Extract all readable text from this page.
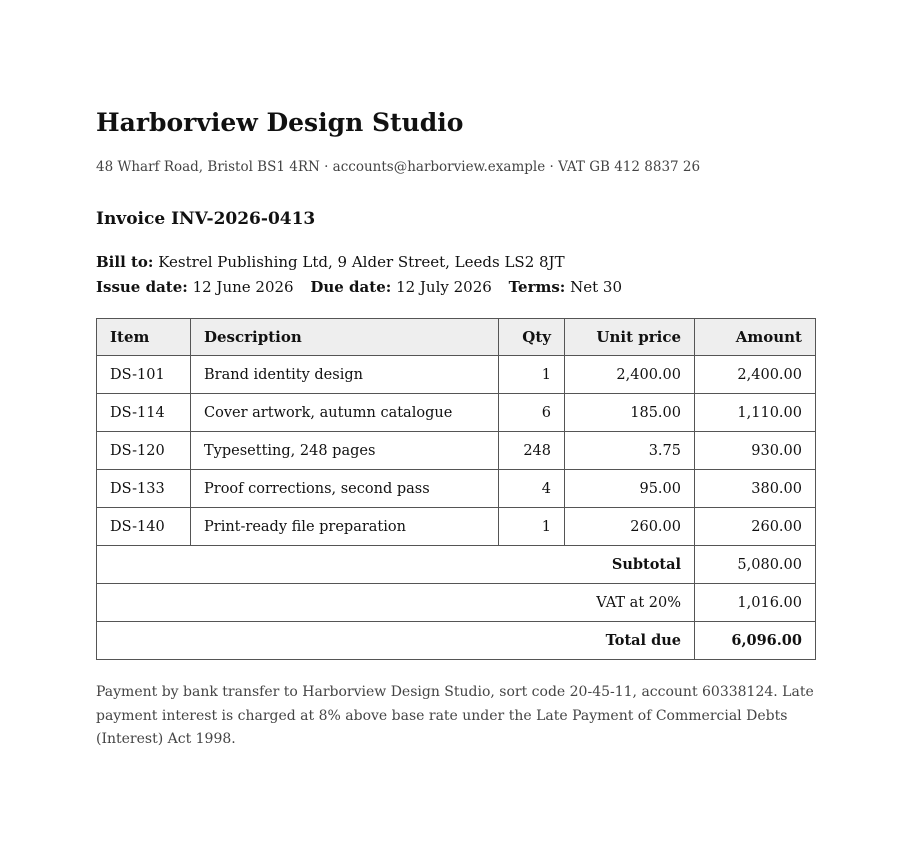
Harborview Design Studio
48 Wharf Road, Bristol BS1 4RN · accounts@harborview.example · VAT GB 412 8837 26
Invoice INV-2026-0413
Bill to: Kestrel Publishing Ltd, 9 Alder Street, Leeds LS2 8JT
Issue date: 12 June 2026 Due date: 12 July 2026 Terms: Net 30
Item	Description	Qty	Unit price	Amount
DS-101	Brand identity design	1	2,400.00	2,400.00
DS-114	Cover artwork, autumn catalogue	6	185.00	1,110.00
DS-120	Typesetting, 248 pages	248	3.75	930.00
DS-133	Proof corrections, second pass	4	95.00	380.00
DS-140	Print-ready file preparation	1	260.00	260.00
Subtotal				5,080.00
VAT at 20%				1,016.00
Total due				6,096.00

Payment by bank transfer to Harborview Design Studio, sort code 20-45-11, account 60338124. Late payment interest is charged at 8% above base rate under the Late Payment of Commercial Debts (Interest) Act 1998.
